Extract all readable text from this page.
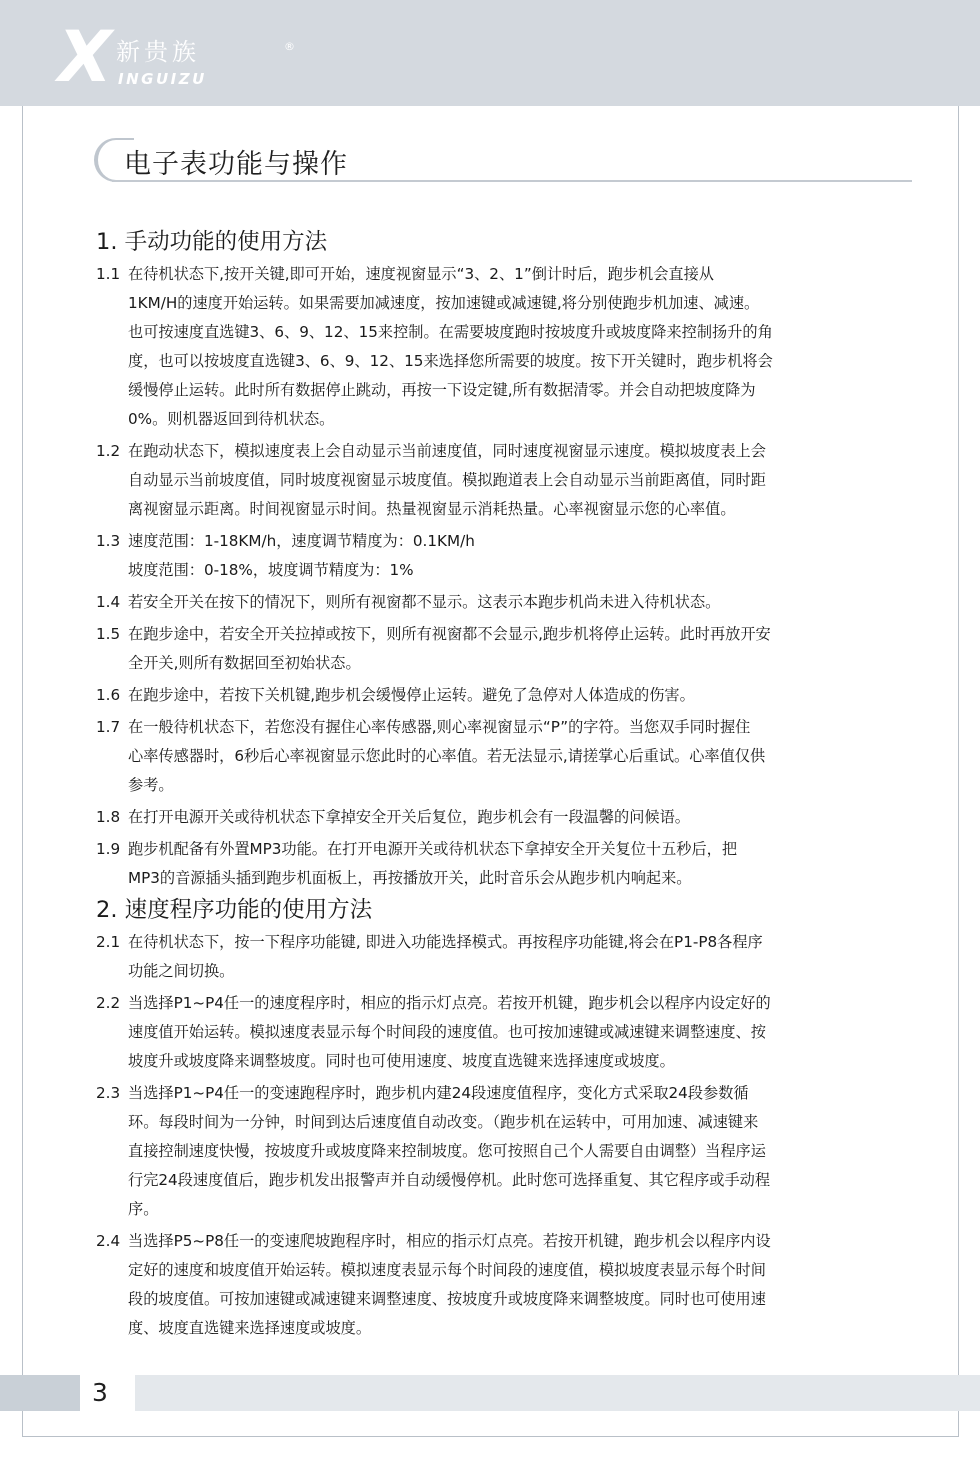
X 新贵族	®
INGUIZU
电子表功能与操作
1. 手动功能的使用方法
1.1 在待机状态下,按开关键,即可开始，速度视窗显示“3、2、1”倒计时后，跑步机会直接从
1KM/H的速度开始运转。如果需要加减速度，按加速键或减速键,将分别使跑步机加速、减速。
也可按速度直选键3、6、9、12、15来控制。在需要坡度跑时按坡度升或坡度降来控制扬升的角
度，也可以按坡度直选键3、6、9、12、15来选择您所需要的坡度。按下开关键时，跑步机将会
缓慢停止运转。此时所有数据停止跳动，再按一下设定键,所有数据清零。并会自动把坡度降为
0%。则机器返回到待机状态。
1.2 在跑动状态下，模拟速度表上会自动显示当前速度值，同时速度视窗显示速度。模拟坡度表上会
自动显示当前坡度值，同时坡度视窗显示坡度值。模拟跑道表上会自动显示当前距离值，同时距
离视窗显示距离。时间视窗显示时间。热量视窗显示消耗热量。心率视窗显示您的心率值。
1.3 速度范围：1-18KM/h，速度调节精度为：0.1KM/h
坡度范围：0-18%，坡度调节精度为：1%
1.4 若安全开关在按下的情况下，则所有视窗都不显示。这表示本跑步机尚未进入待机状态。
1.5 在跑步途中，若安全开关拉掉或按下，则所有视窗都不会显示,跑步机将停止运转。此时再放开安
全开关,则所有数据回至初始状态。
1.6 在跑步途中，若按下关机键,跑步机会缓慢停止运转。避免了急停对人体造成的伤害。
1.7 在一般待机状态下，若您没有握住心率传感器,则心率视窗显示“P”的字符。当您双手同时握住
心率传感器时，6秒后心率视窗显示您此时的心率值。若无法显示,请搓掌心后重试。心率值仅供
参考。
1.8 在打开电源开关或待机状态下拿掉安全开关后复位，跑步机会有一段温馨的问候语。
1.9 跑步机配备有外置MP3功能。在打开电源开关或待机状态下拿掉安全开关复位十五秒后，把
MP3的音源插头插到跑步机面板上，再按播放开关，此时音乐会从跑步机内响起来。
2. 速度程序功能的使用方法
2.1 在待机状态下，按一下程序功能键, 即进入功能选择模式。再按程序功能键,将会在P1-P8各程序
功能之间切换。
2.2 当选择P1~P4任一的速度程序时，相应的指示灯点亮。若按开机键，跑步机会以程序内设定好的
速度值开始运转。模拟速度表显示每个时间段的速度值。也可按加速键或减速键来调整速度、按
坡度升或坡度降来调整坡度。同时也可使用速度、坡度直选键来选择速度或坡度。
2.3 当选择P1~P4任一的变速跑程序时，跑步机内建24段速度值程序，变化方式采取24段参数循
环。每段时间为一分钟，时间到达后速度值自动改变。（跑步机在运转中，可用加速、减速键来
直接控制速度快慢，按坡度升或坡度降来控制坡度。您可按照自己个人需要自由调整）当程序运
行完24段速度值后，跑步机发出报警声并自动缓慢停机。此时您可选择重复、其它程序或手动程
序。
2.4 当选择P5~P8任一的变速爬坡跑程序时，相应的指示灯点亮。若按开机键，跑步机会以程序内设
定好的速度和坡度值开始运转。模拟速度表显示每个时间段的速度值，模拟坡度表显示每个时间
段的坡度值。可按加速键或减速键来调整速度、按坡度升或坡度降来调整坡度。同时也可使用速
度、坡度直选键来选择速度或坡度。
3
